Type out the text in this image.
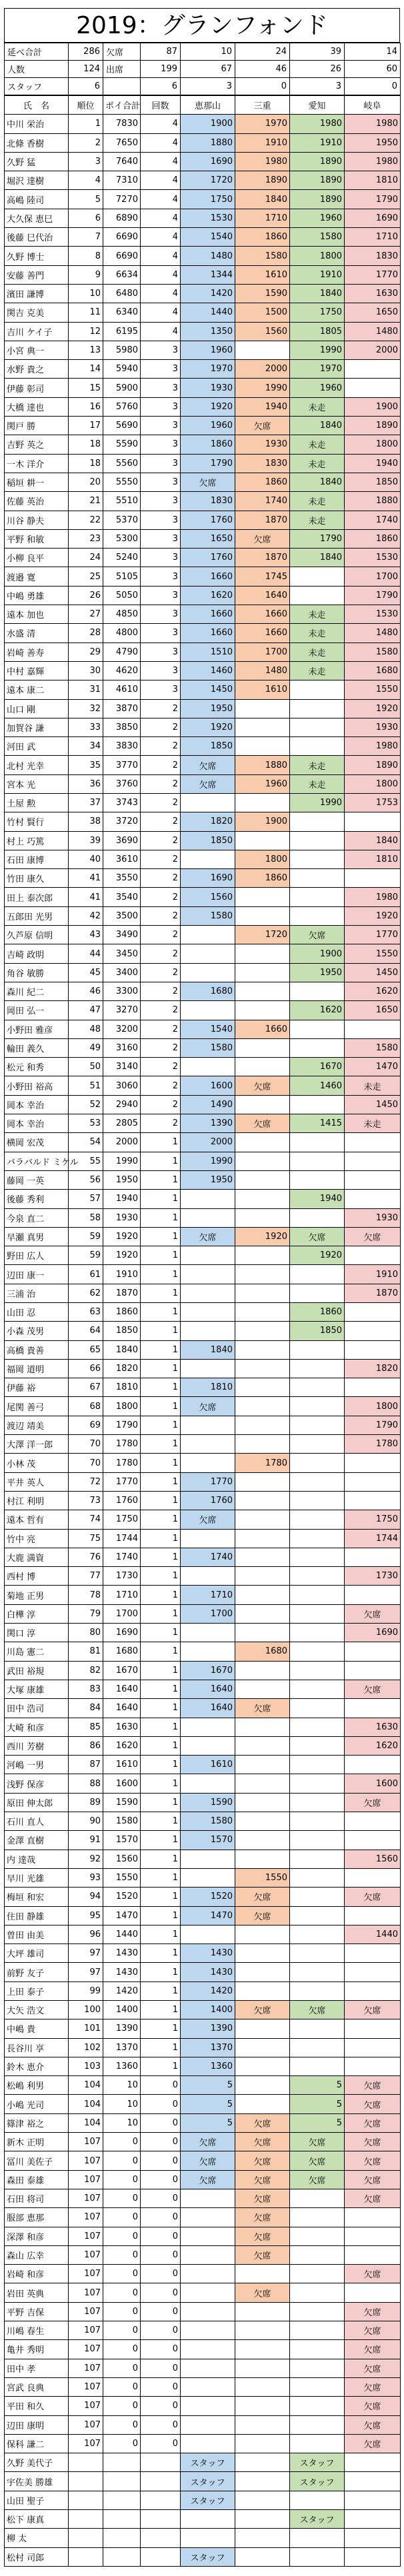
2019：グランフォンド
延べ合計	286	欠席	87	10	24	39	14
人数	124	出席	199	67	46	26	60
スタッフ	6		6	3	0	3	0
氏　名	順位	ポイ合計	回数	恵那山	三重	愛知	岐阜
中川 栄治	1	7830	4	1900	1970	1980	1980
北條 香樹	2	7650	4	1880	1910	1910	1950
久野 猛	3	7640	4	1690	1980	1890	1980
堀沢 達樹	4	7310	4	1720	1890	1890	1810
高嶋 陸司	5	7270	4	1750	1840	1890	1790
大久保 恵巳	6	6890	4	1530	1710	1960	1690
後藤 巳代治	7	6690	4	1540	1860	1580	1710
久野 博士	8	6690	4	1480	1580	1800	1830
安藤 善門	9	6634	4	1344	1610	1910	1770
濱田 謙博	10	6480	4	1420	1590	1840	1630
関吉 克美	11	6340	4	1440	1500	1750	1650
吉川 ケイ子	12	6195	4	1350	1560	1805	1480
小宮 典一	13	5980	3	1960		1990	2000
水野 貴之	14	5940	3	1970	2000	1970	
伊藤 彰司	15	5900	3	1930	1990	1960	
大橋 達也	16	5760	3	1920	1940	未走	1900
関戸 勝	17	5690	3	1960	欠席	1840	1890
吉野 英之	18	5590	3	1860	1930	未走	1800
一木 洋介	18	5560	3	1790	1830	未走	1940
稲垣 耕一	20	5550	3	欠席	1860	1840	1850
佐藤 英治	21	5510	3	1830	1740	未走	1880
川谷 静夫	22	5370	3	1760	1870	未走	1740
平野 和敏	23	5300	3	1650	欠席	1790	1860
小柳 良平	24	5240	3	1760	1870	1840	1530
渡邉 寛	25	5105	3	1660	1745		1700
中嶋 勇雄	26	5050	3	1620	1640		1790
遠本 加也	27	4850	3	1660	1660	未走	1530
水盛 清	28	4800	3	1660	1660	未走	1480
岩崎 善寿	29	4790	3	1510	1700	未走	1580
中村 嘉輝	30	4620	3	1460	1480	未走	1680
遠本 康二	31	4610	3	1450	1610		1550
山口 剛	32	3870	2	1950			1920
加賀谷 謙	33	3850	2	1920			1930
河田 武	34	3830	2	1850			1980
北村 光幸	35	3770	2	欠席	1880	未走	1890
宮本 光	36	3760	2	欠席	1960	未走	1800
土屋 勲	37	3743	2			1990	1753
竹村 賢行	38	3720	2	1820	1900		
村上 巧篤	39	3690	2	1850			1840
石田 康博	40	3610	2		1800		1810
竹田 康久	41	3550	2	1690	1860		
田上 泰次郎	41	3540	2	1560			1980
五郎田 光男	42	3500	2	1580			1920
久芦原 信明	43	3490	2		1720	欠席	1770
吉崎 政明	44	3450	2			1900	1550
角谷 敏勝	45	3400	2			1950	1450
森川 紀二	46	3300	2	1680			1620
岡田 弘一	47	3270	2			1620	1650
小野田 雅彦	48	3200	2	1540	1660		
輪田 義久	49	3160	2	1580			1580
松元 和秀	50	3140	2			1670	1470
小野田 裕高	51	3060	2	1600	欠席	1460	未走
岡本 幸治	52	2940	2	1490			1450
岡本 幸治	53	2805	2	1390	欠席	1415	未走
横岡 宏茂	54	2000	1	2000			
バラバルド ミケル	55	1990	1	1990			
藤岡 一英	56	1950	1	1950			
後藤 秀利	57	1940	1			1940	
今泉 直二	58	1930	1				1930
早瀬 真男	59	1920	1	欠席	1920	欠席	欠席
野田 広人	59	1920	1			1920	
辺田 康一	61	1910	1				1910
三浦 治	62	1870	1				1870
山田 忍	63	1860	1			1860	
小森 茂男	64	1850	1			1850	
高橋 貴善	65	1840	1	1840			
福岡 道明	66	1820	1				1820
伊藤 裕	67	1810	1	1810			
尾関 善弓	68	1800	1	欠席			1800
渡辺 靖美	69	1790	1				1790
大澤 洋一郎	70	1780	1				1780
小林 茂	70	1780	1		1780		
平井 英人	72	1770	1	1770			
村江 利明	73	1760	1	1760			
遠本 哲有	74	1750	1	欠席			1750
竹中 亮	75	1744	1				1744
大鹿 満資	76	1740	1	1740			
西村 博	77	1730	1				1730
菊地 正男	78	1710	1	1710			
白樺 淳	79	1700	1	1700			欠席
関口 淳	80	1690	1				1690
川島 憲二	81	1680	1		1680		
武田 裕規	82	1670	1	1670			
大塚 康雄	83	1640	1	1640			欠席
田中 浩司	84	1640	1	1640	欠席		
大崎 和彦	85	1630	1				1630
西川 芳樹	86	1620	1				1620
河嶋 一男	87	1610	1	1610			
浅野 保彦	88	1600	1				1600
原田 伸太郎	89	1590	1	1590			欠席
石川 直人	90	1580	1	1580			
金澤 直樹	91	1570	1	1570			
内 達哉	92	1560	1				1560
早川 光雄	93	1550	1		1550		
梅垣 和宏	94	1520	1	1520	欠席		欠席
住田 静雄	95	1470	1	1470	欠席		
曽田 由美	96	1440	1				1440
大坪 雄司	97	1430	1	1430			
前野 友子	97	1430	1	1430			
上田 泰子	99	1420	1	1420			
大矢 浩文	100	1400	1	1400	欠席	欠席	欠席
中嶋 貴	101	1390	1	1390			
長谷川 享	102	1370	1	1370			
鈴木 恵介	103	1360	1	1360			
松嶋 利男	104	10	0	5		5	欠席
小嶋 光司	104	10	0	5		5	欠席
篠津 裕之	104	10	0	5	欠席	5	欠席
新木 正明	107	0	0	欠席	欠席	欠席	欠席
冨川 美佐子	107	0	0	欠席	欠席	欠席	欠席
森田 泰雄	107	0	0	欠席	欠席	欠席	欠席
石田 将司	107	0	0		欠席		欠席
服部 恵那	107	0	0		欠席		
深澤 和彦	107	0	0		欠席		
森山 広幸	107	0	0		欠席		
岩崎 和彦	107	0	0				欠席
岩田 英典	107	0	0		欠席		
平野 吉保	107	0	0				欠席
川嶋 春生	107	0	0				欠席
亀井 秀明	107	0	0				欠席
田中 孝	107	0	0				欠席
宮武 良典	107	0	0				欠席
平田 和久	107	0	0				欠席
辺田 康明	107	0	0				欠席
保科 謙二	107	0	0				欠席
久野 美代子				スタッフ		スタッフ	
宇佐美 勝雄				スタッフ		スタッフ	
山田 聖子				スタッフ			
松下 康真						スタッフ	
柳 太							
松村 司郎				スタッフ			
